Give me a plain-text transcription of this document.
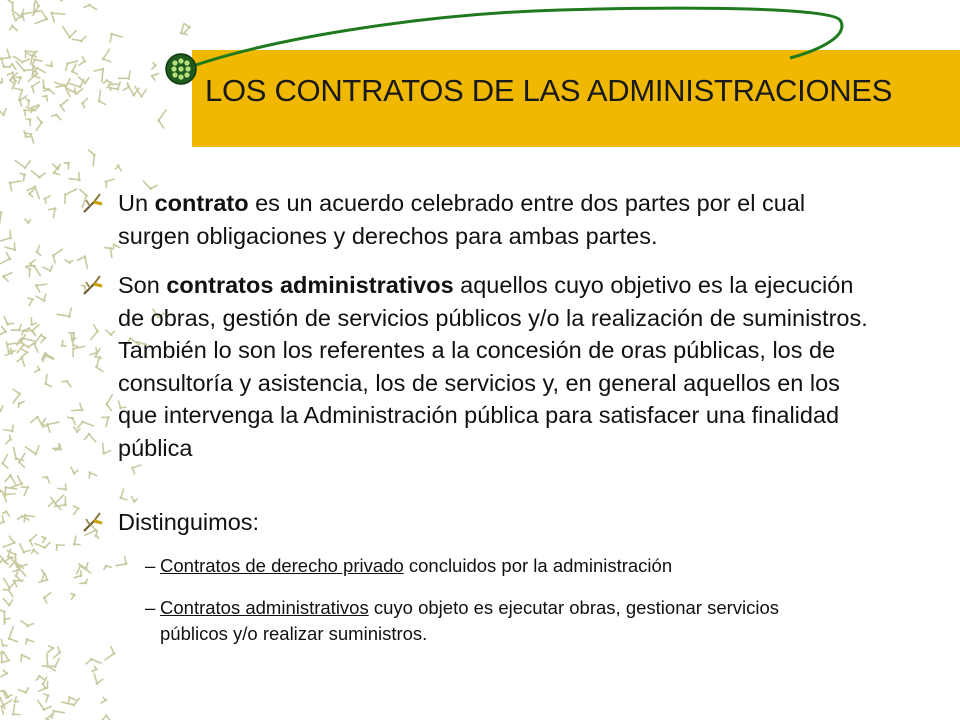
LOS CONTRATOS DE LAS ADMINISTRACIONES
Un contrato es un acuerdo celebrado entre dos partes por el cual surgen obligaciones y derechos para ambas partes.
Son contratos administrativos aquellos cuyo objetivo es la ejecución de obras, gestión de servicios públicos y/o la realización de suministros. También lo son los referentes a la concesión de oras públicas, los de consultoría y asistencia, los de servicios y, en general aquellos en los que intervenga la Administración pública para satisfacer una finalidad pública
Distinguimos:
– Contratos de derecho privado concluidos por la administración
– Contratos administrativos cuyo objeto es ejecutar obras, gestionar servicios públicos y/o realizar suministros.
